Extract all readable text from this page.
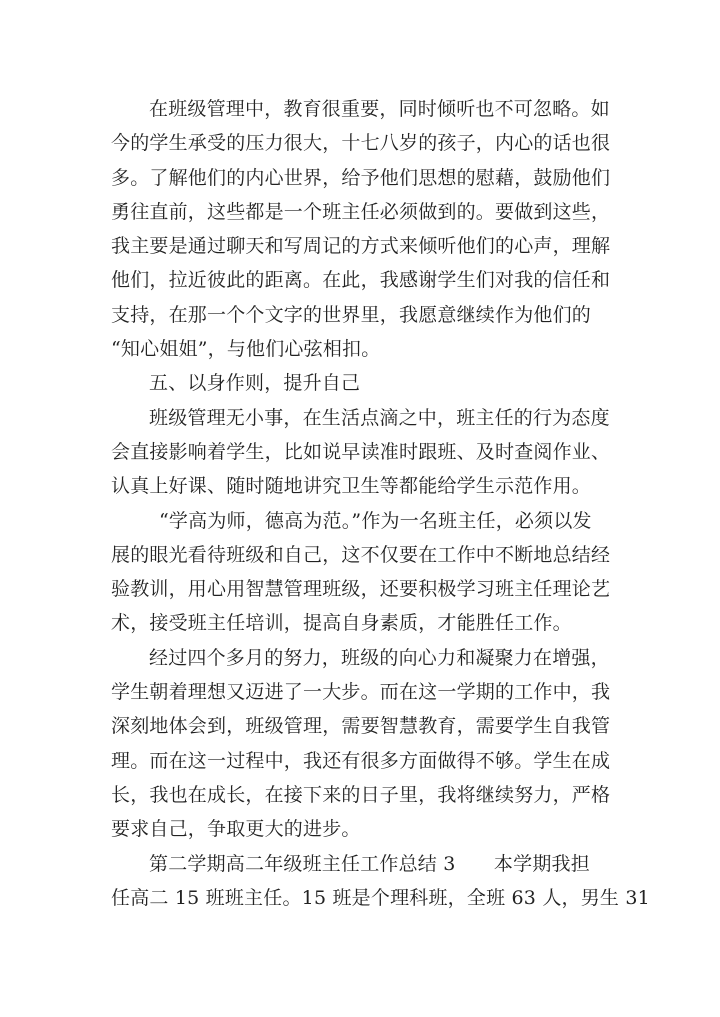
在班级管理中，教育很重要，同时倾听也不可忽略。如
今的学生承受的压力很大，十七八岁的孩子，内心的话也很
多。了解他们的内心世界，给予他们思想的慰藉，鼓励他们
勇往直前，这些都是一个班主任必须做到的。要做到这些，
我主要是通过聊天和写周记的方式来倾听他们的心声，理解
他们，拉近彼此的距离。在此，我感谢学生们对我的信任和
支持，在那一个个文字的世界里，我愿意继续作为他们的
“知心姐姐”，与他们心弦相扣。
五、以身作则，提升自己
班级管理无小事，在生活点滴之中，班主任的行为态度
会直接影响着学生，比如说早读准时跟班、及时查阅作业、
认真上好课、随时随地讲究卫生等都能给学生示范作用。
“学高为师，德高为范。”作为一名班主任，必须以发
展的眼光看待班级和自己，这不仅要在工作中不断地总结经
验教训，用心用智慧管理班级，还要积极学习班主任理论艺
术，接受班主任培训，提高自身素质，才能胜任工作。
经过四个多月的努力，班级的向心力和凝聚力在增强，
学生朝着理想又迈进了一大步。而在这一学期的工作中，我
深刻地体会到，班级管理，需要智慧教育，需要学生自我管
理。而在这一过程中，我还有很多方面做得不够。学生在成
长，我也在成长，在接下来的日子里，我将继续努力，严格
要求自己，争取更大的进步。
第二学期高二年级班主任工作总结 3　　本学期我担
任高二 15 班班主任。15 班是个理科班，全班 63 人，男生 31
